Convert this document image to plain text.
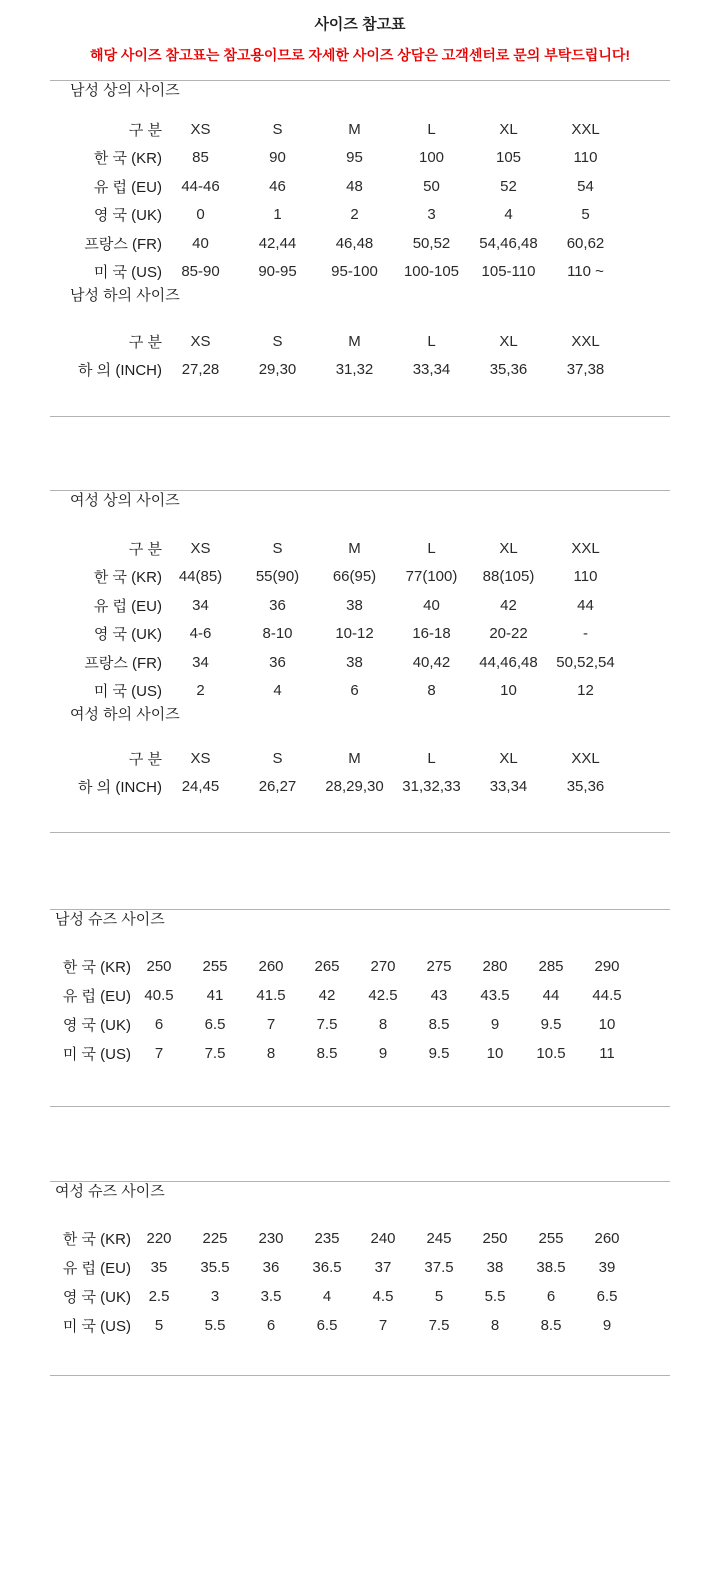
사이즈 참고표
해당 사이즈 참고표는 참고용이므로 자세한 사이즈 상담은 고객센터로 문의 부탁드립니다!
남성 상의 사이즈
구 분	XS	S	M	L	XL	XXL
한 국 (KR)	85	90	95	100	105	110
유 럽 (EU)	44-46	46	48	50	52	54
영 국 (UK)	0	1	2	3	4	5
프랑스 (FR)	40	42,44	46,48	50,52	54,46,48	60,62
미 국 (US)	85-90	90-95	95-100	100-105	105-110	110 ~
남성 하의 사이즈
구 분	XS	S	M	L	XL	XXL
하 의 (INCH)	27,28	29,30	31,32	33,34	35,36	37,38
여성 상의 사이즈
구 분	XS	S	M	L	XL	XXL
한 국 (KR)	44(85)	55(90)	66(95)	77(100)	88(105)	110
유 럽 (EU)	34	36	38	40	42	44
영 국 (UK)	4-6	8-10	10-12	16-18	20-22	-
프랑스 (FR)	34	36	38	40,42	44,46,48	50,52,54
미 국 (US)	2	4	6	8	10	12
여성 하의 사이즈
구 분	XS	S	M	L	XL	XXL
하 의 (INCH)	24,45	26,27	28,29,30	31,32,33	33,34	35,36
남성 슈즈 사이즈
한 국 (KR)	250	255	260	265	270	275	280	285	290
유 럽 (EU) 40.5	41	41.5	42	42.5	43	43.5	44	44.5
영 국 (UK)	6	6.5	7	7.5	8	8.5	9	9.5	10
미 국 (US)	7	7.5	8	8.5	9	9.5	10	10.5	11
여성 슈즈 사이즈
한 국 (KR)	220	225	230	235	240	245	250	255	260
유 럽 (EU)	35	35.5	36	36.5	37	37.5	38	38.5	39
영 국 (UK)	2.5	3	3.5	4	4.5	5	5.5	6	6.5
미 국 (US)	5	5.5	6	6.5	7	7.5	8	8.5	9
